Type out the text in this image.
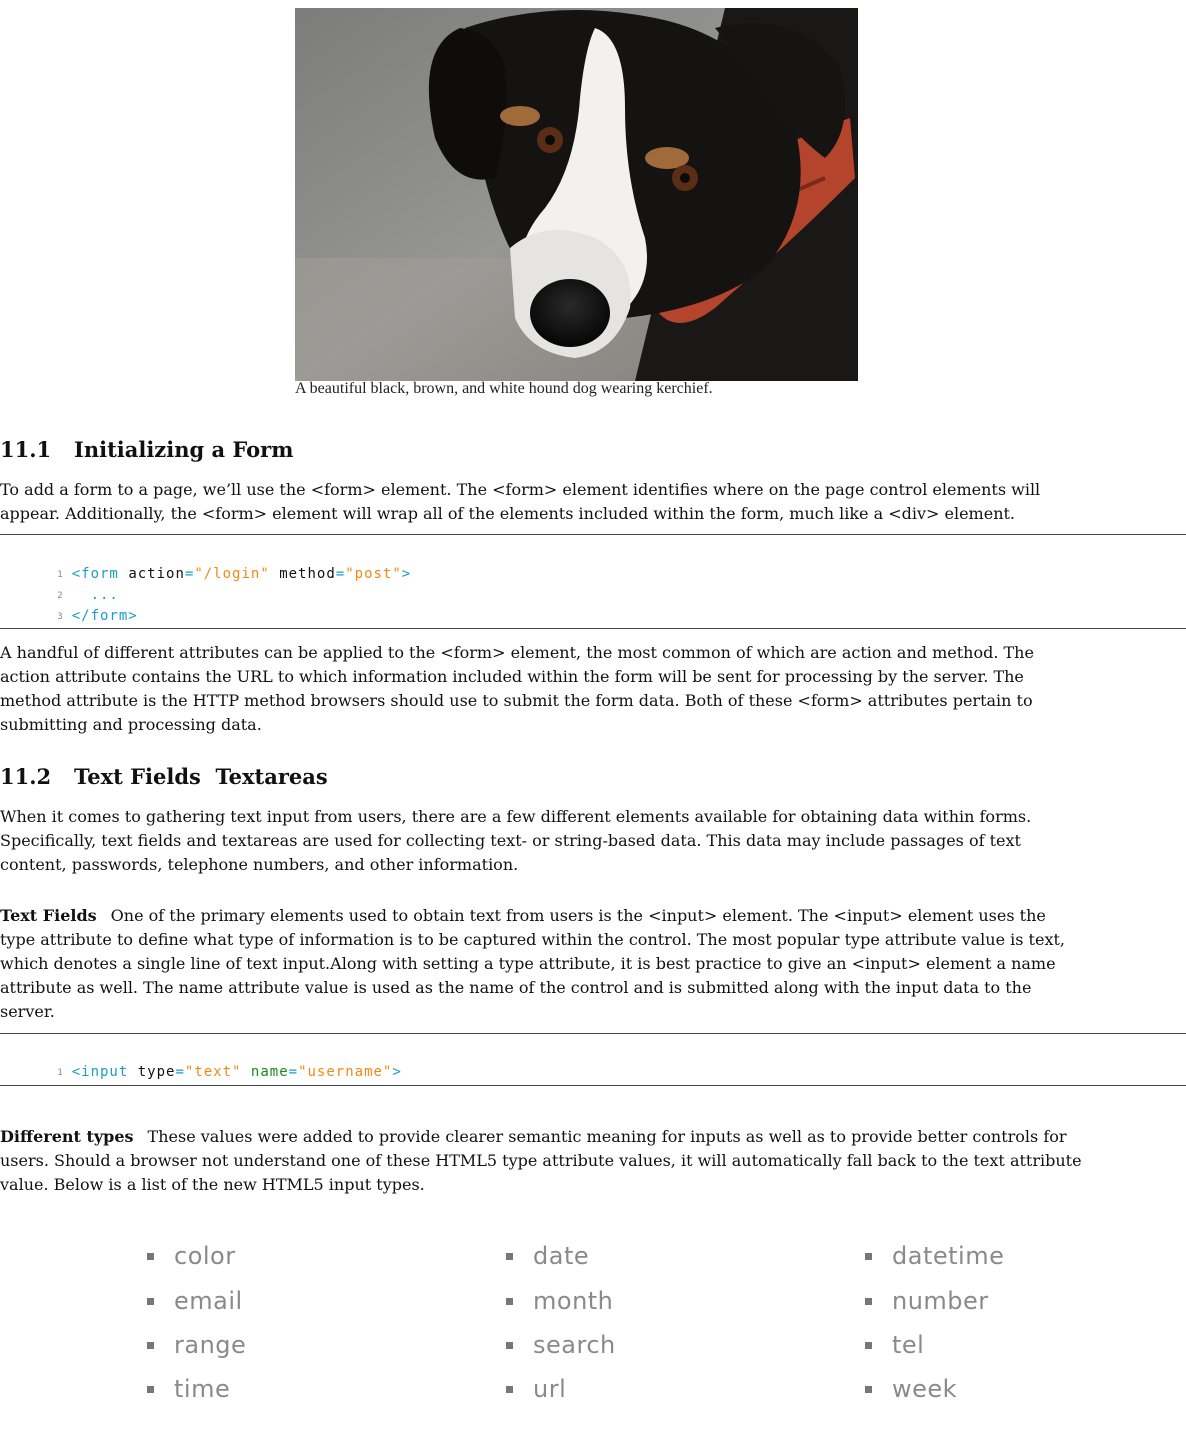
A beautiful black, brown, and white hound dog wearing kerchief.
11.1 Initializing a Form
To add a form to a page, we’ll use the <form> element. The <form> element identifies where on the page control elements will
appear. Additionally, the <form> element will wrap all of the elements included within the form, much like a <div> element.

1 <form action="/login" method="post">

2 ...

3 </form>

A handful of different attributes can be applied to the <form> element, the most common of which are action and method. The
action attribute contains the URL to which information included within the form will be sent for processing by the server. The
method attribute is the HTTP method browsers should use to submit the form data. Both of these <form> attributes pertain to
submitting and processing data.
11.2 Text Fields  Textareas
When it comes to gathering text input from users, there are a few different elements available for obtaining data within forms.
Specifically, text fields and textareas are used for collecting text- or string-based data. This data may include passages of text
content, passwords, telephone numbers, and other information.
Text Fields One of the primary elements used to obtain text from users is the <input> element. The <input> element uses the
type attribute to define what type of information is to be captured within the control. The most popular type attribute value is text,
which denotes a single line of text input.Along with setting a type attribute, it is best practice to give an <input> element a name
attribute as well. The name attribute value is used as the name of the control and is submitted along with the input data to the
server.

1 <input type="text" name="username">

Different types These values were added to provide clearer semantic meaning for inputs as well as to provide better controls for
users. Should a browser not understand one of these HTML5 type attribute values, it will automatically fall back to the text attribute
value. Below is a list of the new HTML5 input types.
color	date	datetime
email	month	number
range	search	tel
time	url	week
